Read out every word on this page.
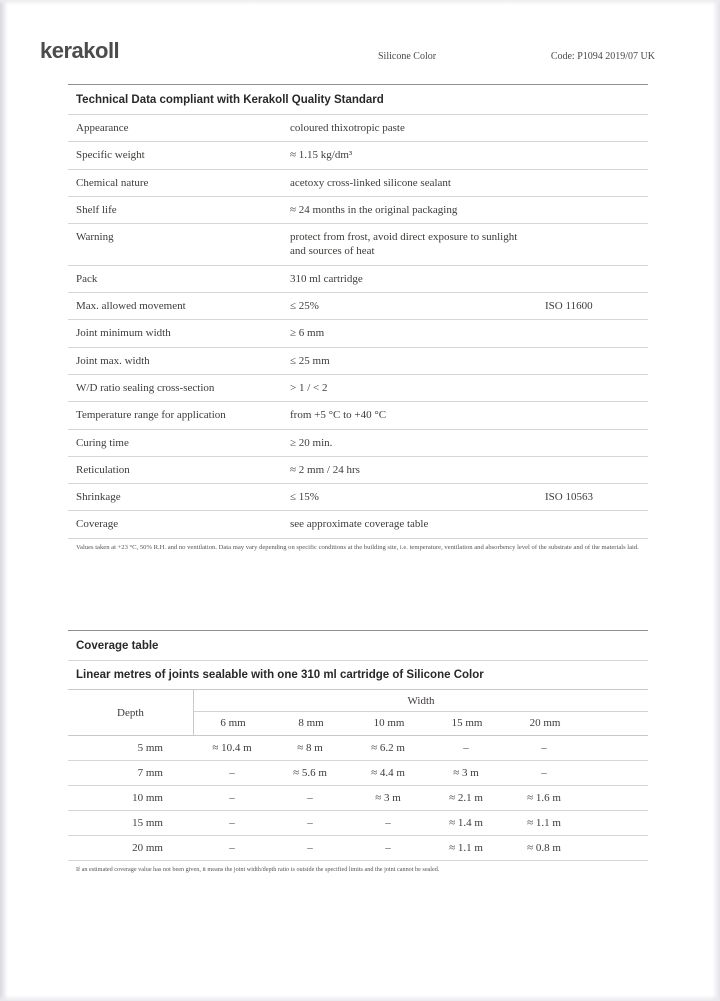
kerakoll	Silicone Color	Code: P1094 2019/07 UK
Technical Data compliant with Kerakoll Quality Standard
Appearance	coloured thixotropic paste
Specific weight	≈ 1.15 kg/dm³
Chemical nature	acetoxy cross-linked silicone sealant
Shelf life	≈ 24 months in the original packaging
Warning	protect from frost, avoid direct exposure to sunlight and sources of heat
Pack	310 ml cartridge
Max. allowed movement	≤ 25%	ISO 11600
Joint minimum width	≥ 6 mm
Joint max. width	≤ 25 mm
W/D ratio sealing cross-section	> 1 / < 2
Temperature range for application	from +5 °C to +40 °C
Curing time	≥ 20 min.
Reticulation	≈ 2 mm / 24 hrs
Shrinkage	≤ 15%	ISO 10563
Coverage	see approximate coverage table

Values taken at +23 °C, 50% R.H. and no ventilation. Data may vary depending on specific conditions at the building site, i.e. temperature, ventilation and absorbency level of the substrate and of the materials laid.

Coverage table

Linear metres of joints sealable with one 310 ml cartridge of Silicone Color

Depth
Width
6 mm	8 mm	10 mm	15 mm	20 mm
5 mm	≈ 10.4 m	≈ 8 m	≈ 6.2 m	–	–
7 mm	–	≈ 5.6 m	≈ 4.4 m	≈ 3 m	–
10 mm	–	–	≈ 3 m	≈ 2.1 m	≈ 1.6 m
15 mm	–	–	–	≈ 1.4 m	≈ 1.1 m
20 mm	–	–	–	≈ 1.1 m	≈ 0.8 m

If an estimated coverage value has not been given, it means the joint width/depth ratio is outside the specified limits and the joint cannot be sealed.
